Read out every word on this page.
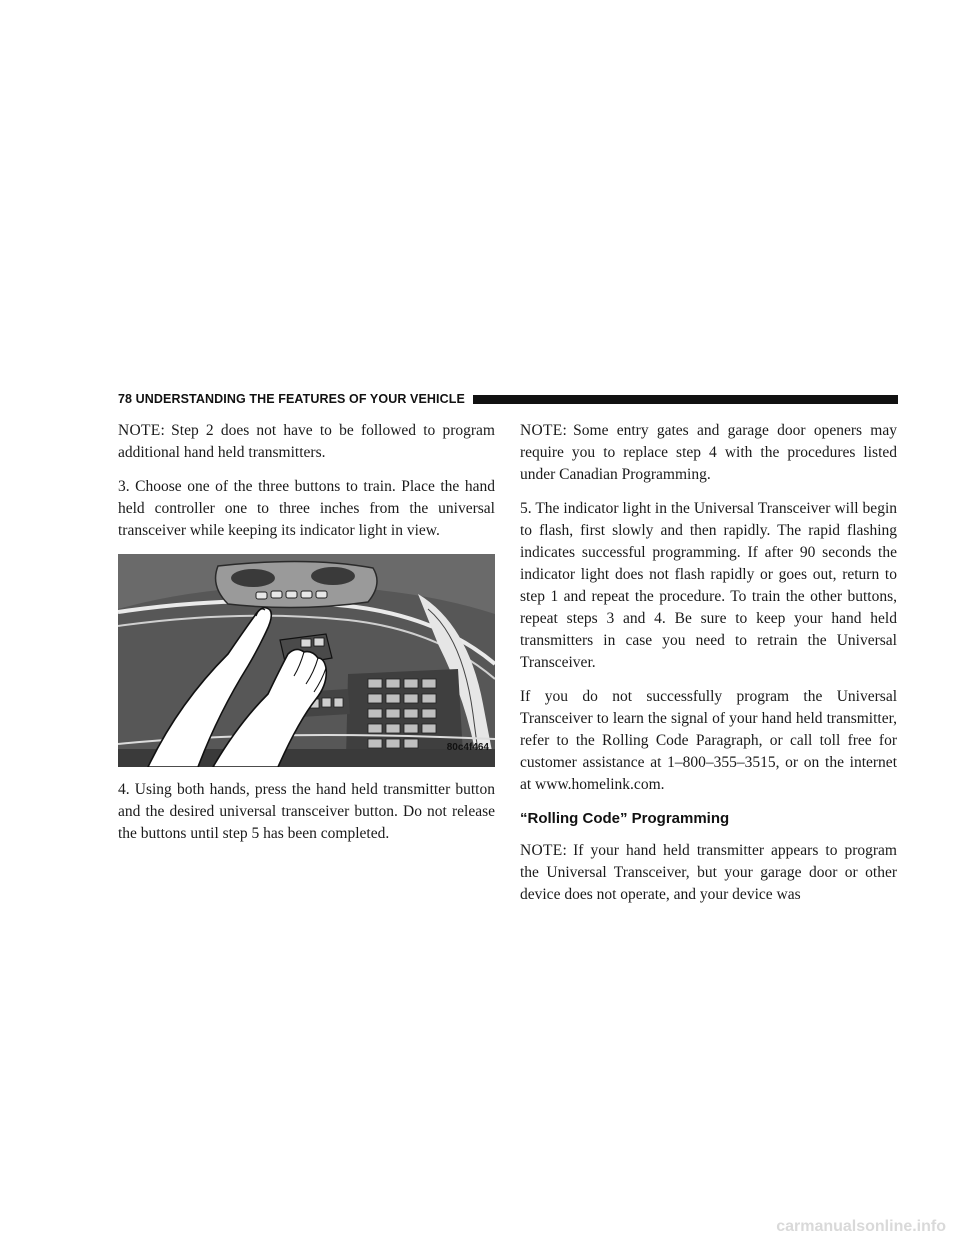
78 UNDERSTANDING THE FEATURES OF YOUR VEHICLE

NOTE: Step 2 does not have to be followed to program additional hand held transmitters.

3. Choose one of the three buttons to train. Place the hand held controller one to three inches from the universal transceiver while keeping its indicator light in view.

80c4f464

4. Using both hands, press the hand held transmitter button and the desired universal transceiver button. Do not release the buttons until step 5 has been completed.

NOTE: Some entry gates and garage door openers may require you to replace step 4 with the procedures listed under Canadian Programming.

5. The indicator light in the Universal Transceiver will begin to flash, first slowly and then rapidly. The rapid flashing indicates successful programming. If after 90 seconds the indicator light does not flash rapidly or goes out, return to step 1 and repeat the procedure. To train the other buttons, repeat steps 3 and 4. Be sure to keep your hand held transmitters in case you need to retrain the Universal Transceiver.

If you do not successfully program the Universal Transceiver to learn the signal of your hand held transmitter, refer to the Rolling Code Paragraph, or call toll free for customer assistance at 1–800–355–3515, or on the internet at www.homelink.com.

“Rolling Code” Programming

NOTE: If your hand held transmitter appears to program the Universal Transceiver, but your garage door or other device does not operate, and your device was

carmanualsonline.info
